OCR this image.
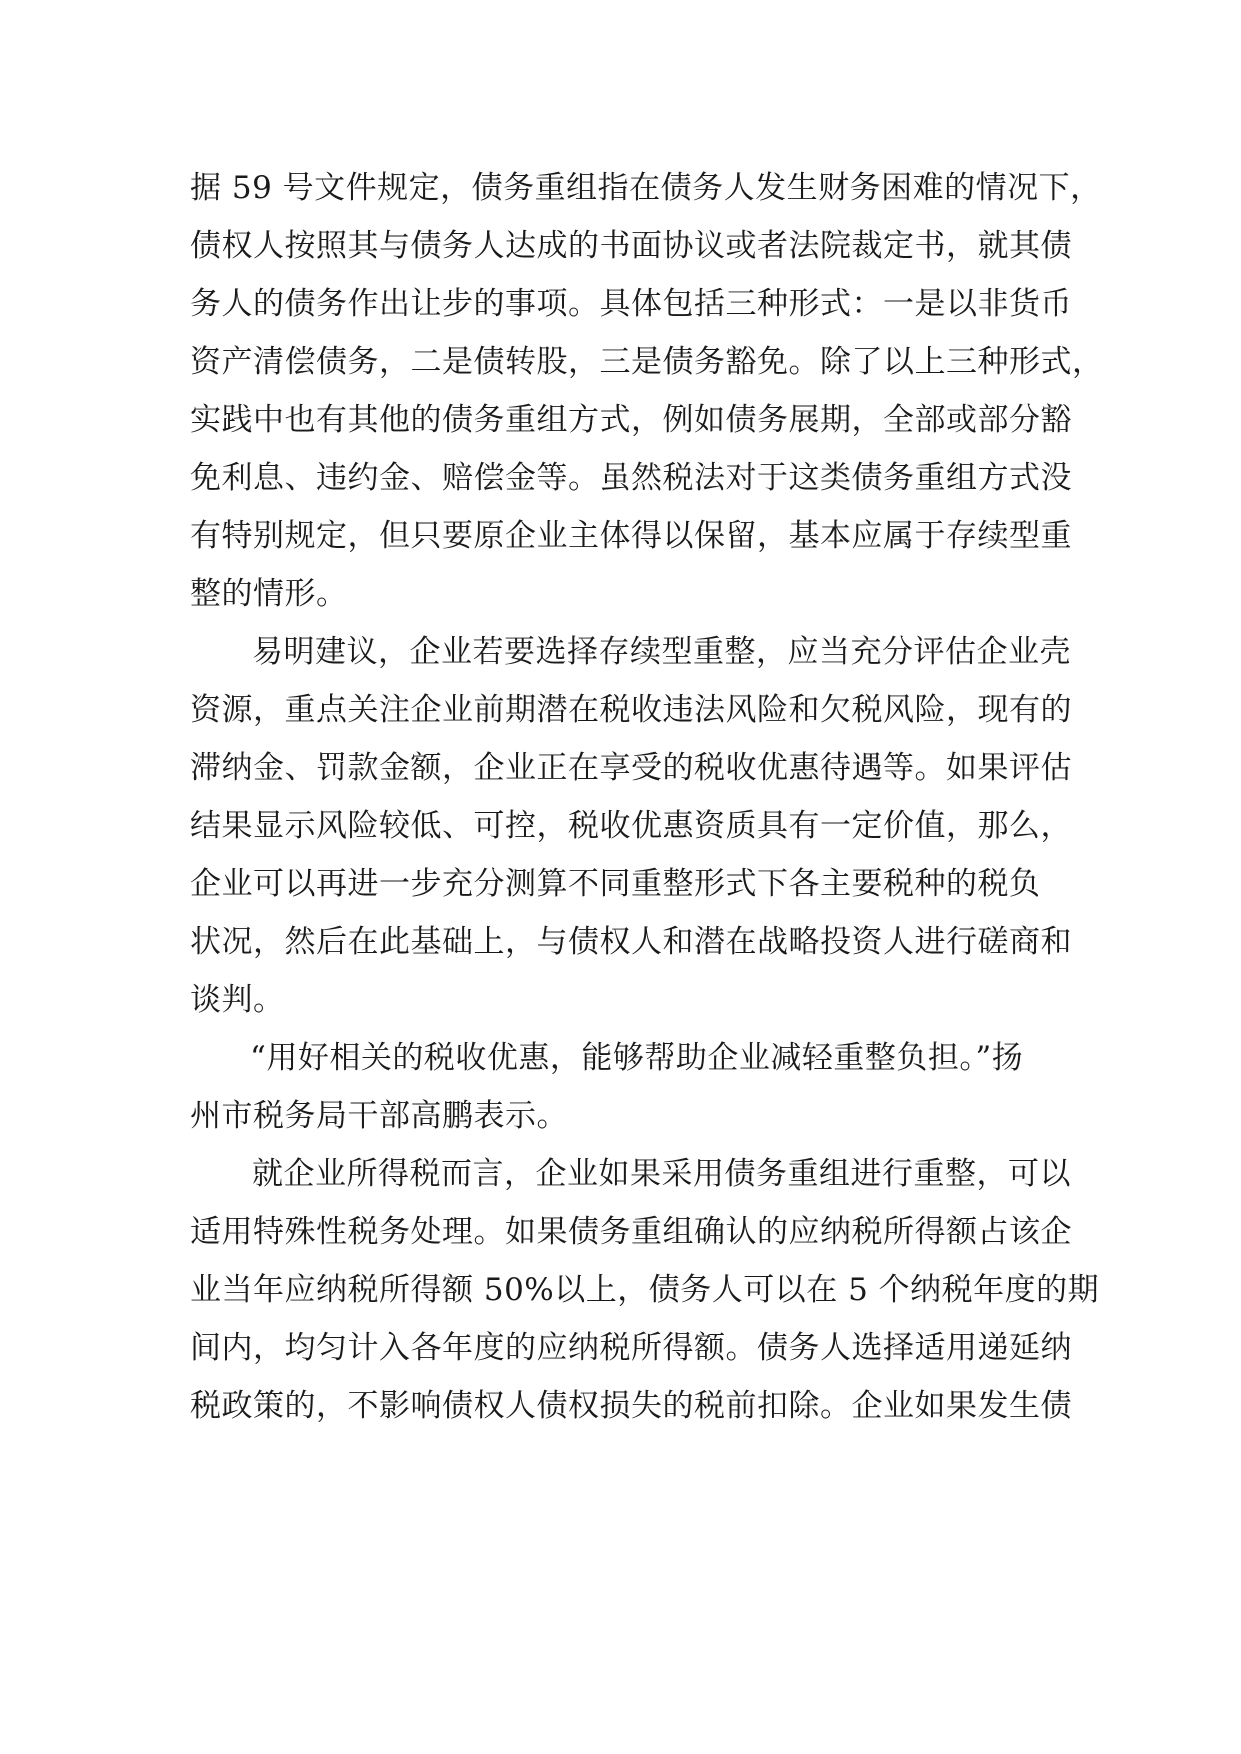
据 59 号文件规定，债务重组指在债务人发生财务困难的情况下，
债权人按照其与债务人达成的书面协议或者法院裁定书，就其债
务人的债务作出让步的事项。具体包括三种形式：一是以非货币
资产清偿债务，二是债转股，三是债务豁免。除了以上三种形式，
实践中也有其他的债务重组方式，例如债务展期，全部或部分豁
免利息、违约金、赔偿金等。虽然税法对于这类债务重组方式没
有特别规定，但只要原企业主体得以保留，基本应属于存续型重
整的情形。
易明建议，企业若要选择存续型重整，应当充分评估企业壳
资源，重点关注企业前期潜在税收违法风险和欠税风险，现有的
滞纳金、罚款金额，企业正在享受的税收优惠待遇等。如果评估
结果显示风险较低、可控，税收优惠资质具有一定价值，那么，
企业可以再进一步充分测算不同重整形式下各主要税种的税负
状况，然后在此基础上，与债权人和潜在战略投资人进行磋商和
谈判。
“用好相关的税收优惠，能够帮助企业减轻重整负担。”扬
州市税务局干部高鹏表示。
就企业所得税而言，企业如果采用债务重组进行重整，可以
适用特殊性税务处理。如果债务重组确认的应纳税所得额占该企
业当年应纳税所得额 50%以上，债务人可以在 5 个纳税年度的期
间内，均匀计入各年度的应纳税所得额。债务人选择适用递延纳
税政策的，不影响债权人债权损失的税前扣除。企业如果发生债
